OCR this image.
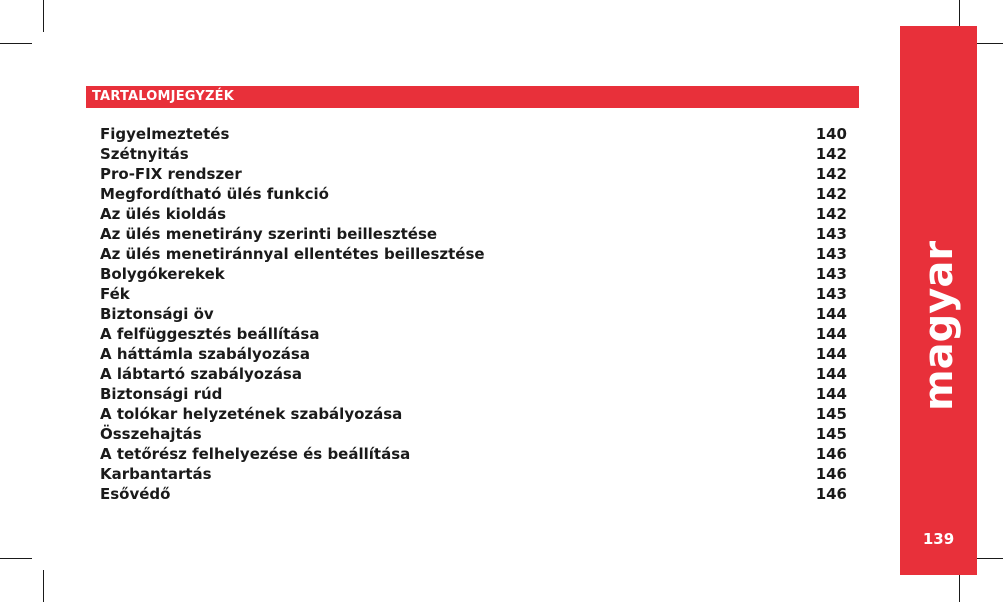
TARTALOMJEGYZÉK
Figyelmeztetés	140
Szétnyitás	142
Pro-FIX rendszer	142
Megfordítható ülés funkció	142
Az ülés kioldás	142
Az ülés menetirány szerinti beillesztése	143
Az ülés menetiránnyal ellentétes beillesztése	143
Bolygókerekek	143
Fék	143
Biztonsági öv	144
A felfüggesztés beállítása	144
A háttámla szabályozása	144
A lábtartó szabályozása	144
Biztonsági rúd	144
A tolókar helyzetének szabályozása	145
Összehajtás	145
A tetőrész felhelyezése és beállítása	146
Karbantartás	146
Esővédő	146
magyar
139
